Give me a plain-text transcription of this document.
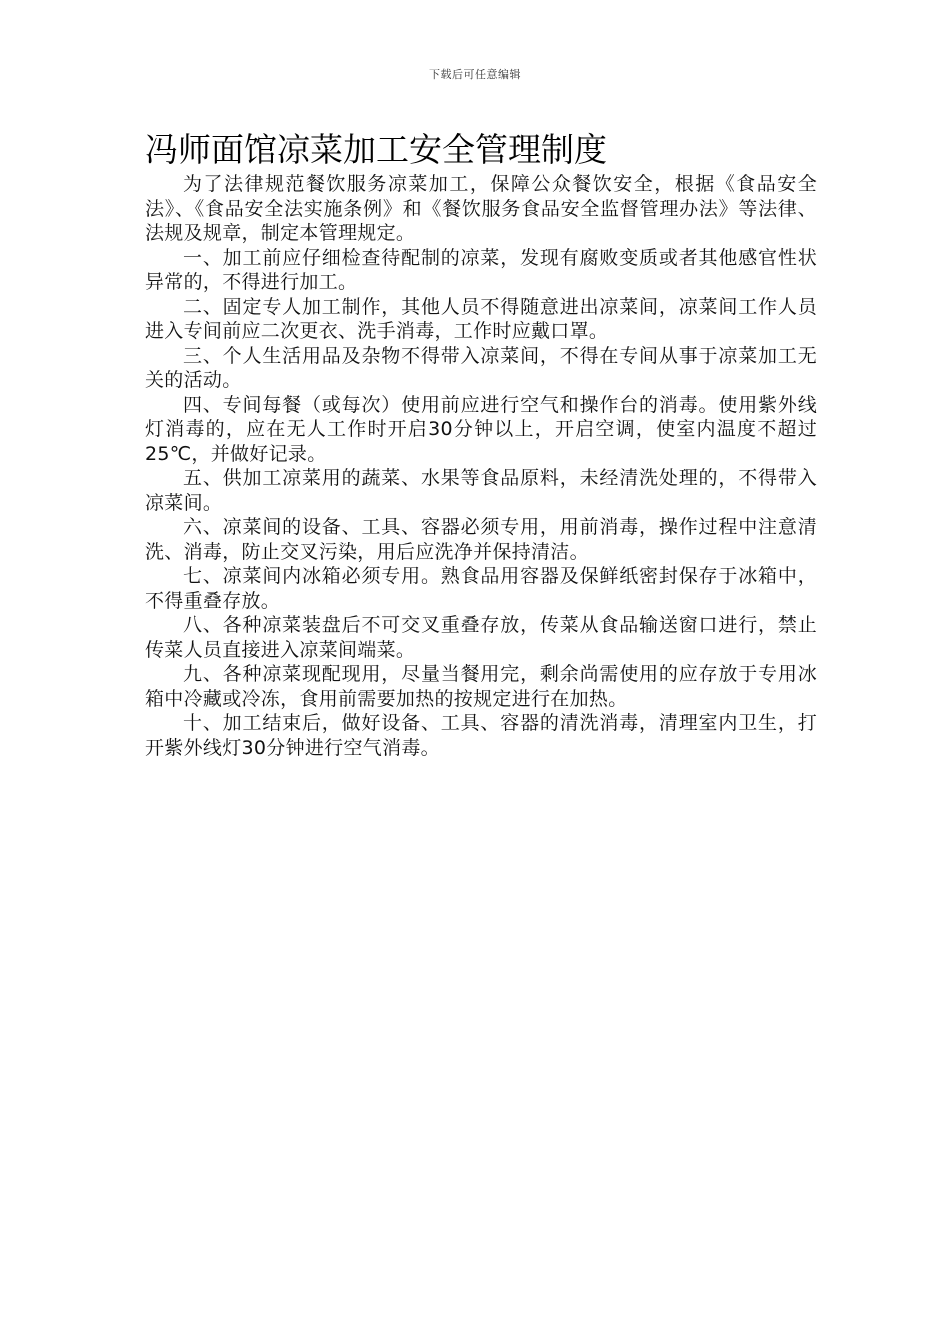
下载后可任意编辑
冯师面馆凉菜加工安全管理制度

为了法律规范餐饮服务凉菜加工，保障公众餐饮安全，根据《食品安全法》、《食品安全法实施条例》和《餐饮服务食品安全监督管理办法》等法律、法规及规章，制定本管理规定。

一、加工前应仔细检查待配制的凉菜，发现有腐败变质或者其他感官性状异常的，不得进行加工。

二、固定专人加工制作，其他人员不得随意进出凉菜间，凉菜间工作人员进入专间前应二次更衣、洗手消毒，工作时应戴口罩。

三、个人生活用品及杂物不得带入凉菜间，不得在专间从事于凉菜加工无关的活动。

四、专间每餐（或每次）使用前应进行空气和操作台的消毒。使用紫外线灯消毒的，应在无人工作时开启30分钟以上，开启空调，使室内温度不超过25℃，并做好记录。

五、供加工凉菜用的蔬菜、水果等食品原料，未经清洗处理的，不得带入凉菜间。

六、凉菜间的设备、工具、容器必须专用，用前消毒，操作过程中注意清洗、消毒，防止交叉污染，用后应洗净并保持清洁。

七、凉菜间内冰箱必须专用。熟食品用容器及保鲜纸密封保存于冰箱中，不得重叠存放。

八、各种凉菜装盘后不可交叉重叠存放，传菜从食品输送窗口进行，禁止传菜人员直接进入凉菜间端菜。

九、各种凉菜现配现用，尽量当餐用完，剩余尚需使用的应存放于专用冰箱中冷藏或冷冻，食用前需要加热的按规定进行在加热。

十、加工结束后，做好设备、工具、容器的清洗消毒，清理室内卫生，打开紫外线灯30分钟进行空气消毒。
